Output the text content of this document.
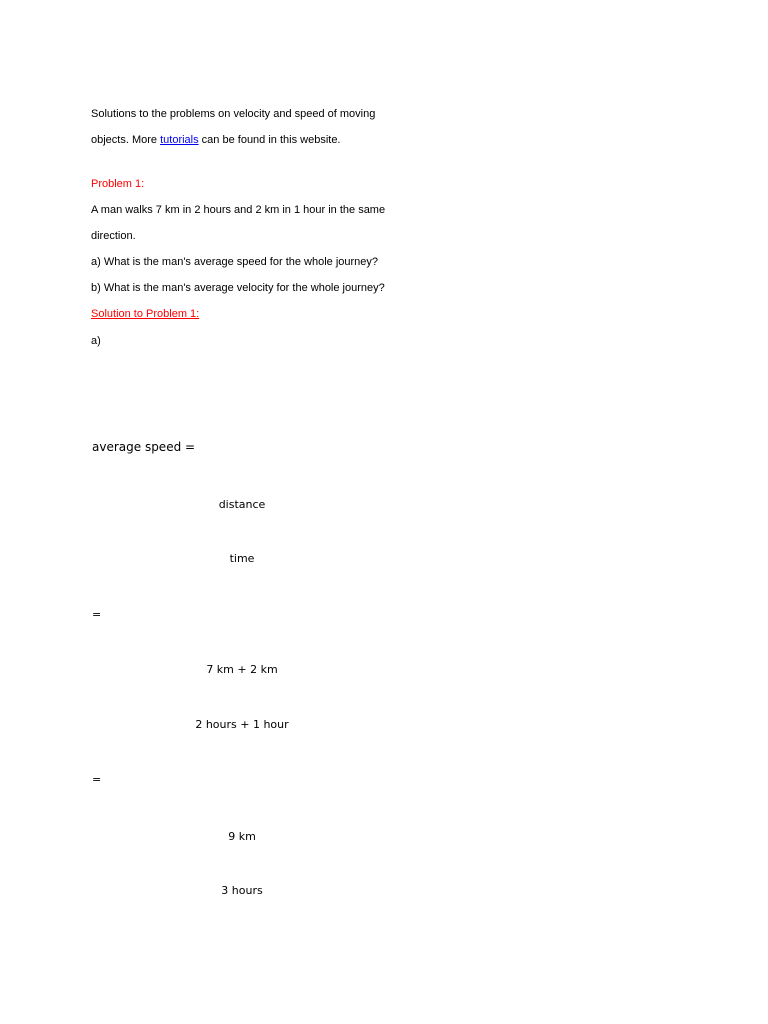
Solutions to the problems on velocity and speed of moving
objects. More tutorials can be found in this website.
Problem 1:
A man walks 7 km in 2 hours and 2 km in 1 hour in the same
direction.
a) What is the man's average speed for the whole journey?
b) What is the man's average velocity for the whole journey?
Solution to Problem 1:
a)
average speed =
distance
time
=
7 km + 2 km
2 hours + 1 hour
=
9 km
3 hours
